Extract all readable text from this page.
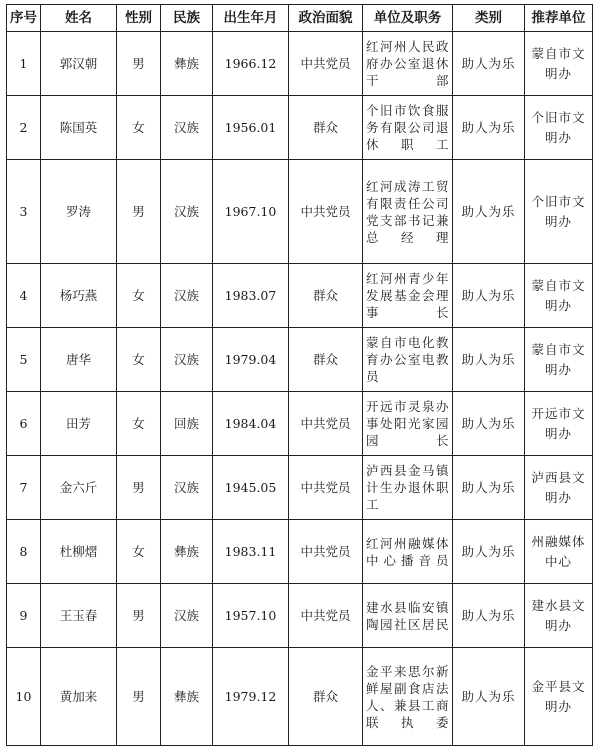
序号	姓名	性别	民族	出生年月	政治面貌	单位及职务	类别	推荐单位
1	郭汉朝	男	彝族	1966.12	中共党员	红河州人民政府办公室退休干部	助人为乐	蒙自市文明办
2	陈国英	女	汉族	1956.01	群众	个旧市饮食服务有限公司退休职工	助人为乐	个旧市文明办
3	罗涛	男	汉族	1967.10	中共党员	红河成涛工贸有限责任公司党支部书记兼总经理	助人为乐	个旧市文明办
4	杨巧燕	女	汉族	1983.07	群众	红河州青少年发展基金会理事长	助人为乐	蒙自市文明办
5	唐华	女	汉族	1979.04	群众	蒙自市电化教育办公室电教员	助人为乐	蒙自市文明办
6	田芳	女	回族	1984.04	中共党员	开远市灵泉办事处阳光家园园长	助人为乐	开远市文明办
7	金六斤	男	汉族	1945.05	中共党员	泸西县金马镇计生办退休职工	助人为乐	泸西县文明办
8	杜柳熠	女	彝族	1983.11	中共党员	红河州融媒体中心播音员	助人为乐	州融媒体中心
9	王玉春	男	汉族	1957.10	中共党员	建水县临安镇陶园社区居民	助人为乐	建水县文明办
10	黄加来	男	彝族	1979.12	群众	金平来思尔新鲜屋副食店法人、兼县工商联执委	助人为乐	金平县文明办
